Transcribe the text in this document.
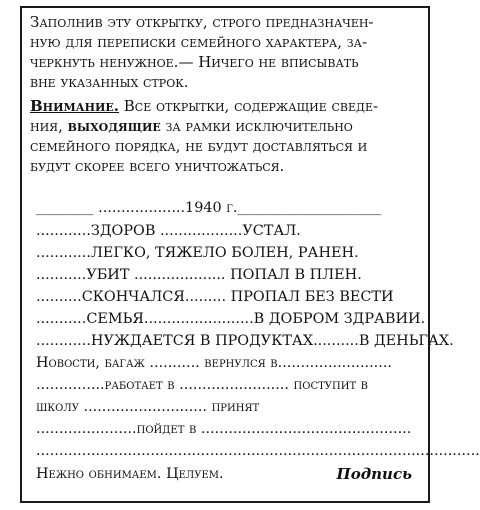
Заполнив эту открытку, строго предназначен-
ную для переписки семейного характера, за-
черкнуть ненужное.— Ничего не вписывать
вне указанных строк.
Внимание. Все открытки, содержащие сведе-
ния, выходящие за рамки исключительно
семейного порядка, не будут доставляться и
будут скорее всего уничтожаться.
________ ...................1940 г.____________________
............ЗДОРОВ ..................УСТАЛ.
............ЛЕГКО, ТЯЖЕЛО БОЛЕН, РАНЕН.
...........УБИТ .................... ПОПАЛ В ПЛЕН.
..........СКОНЧАЛСЯ......... ПРОПАЛ БЕЗ ВЕСТИ
...........СЕМЬЯ........................В ДОБРОМ ЗДРАВИИ.
............НУЖДАЕТСЯ В ПРОДУКТАХ..........В ДЕНЬГАХ.
Новости, багаж ........... вернулся в.........................
...............работает в ........................ поступит в
школу ........................... принят
......................пойдет в ..............................................
.................................................................................................
Нежно обнимаем. Целуем.	Подпись
